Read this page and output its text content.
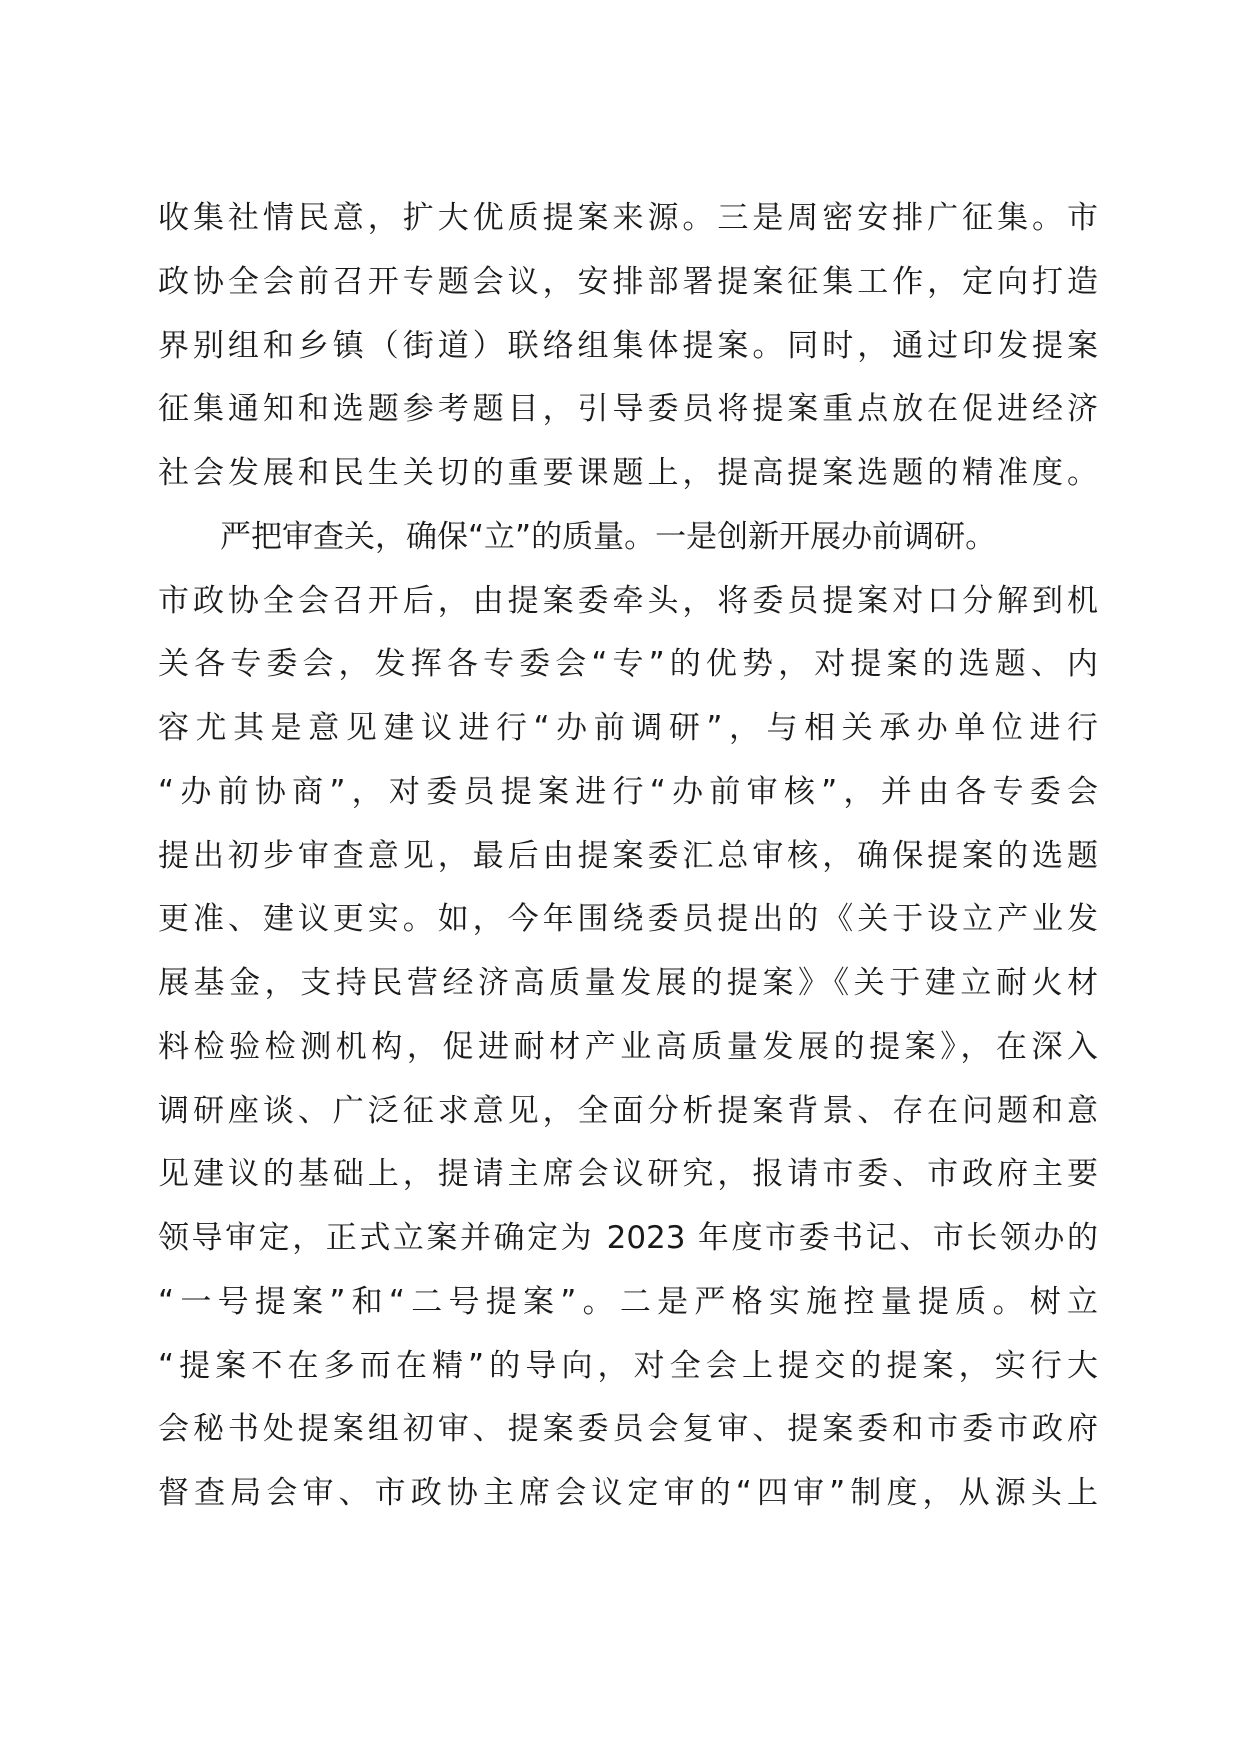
收集社情民意，扩大优质提案来源。三是周密安排广征集。市
政协全会前召开专题会议，安排部署提案征集工作，定向打造
界别组和乡镇（街道）联络组集体提案。同时，通过印发提案
征集通知和选题参考题目，引导委员将提案重点放在促进经济
社会发展和民生关切的重要课题上，提高提案选题的精准度。
严把审查关，确保“立”的质量。一是创新开展办前调研。
市政协全会召开后，由提案委牵头，将委员提案对口分解到机
关各专委会，发挥各专委会“专”的优势，对提案的选题、内
容尤其是意见建议进行“办前调研”，与相关承办单位进行
“办前协商”，对委员提案进行“办前审核”，并由各专委会
提出初步审查意见，最后由提案委汇总审核，确保提案的选题
更准、建议更实。如，今年围绕委员提出的《关于设立产业发
展基金，支持民营经济高质量发展的提案》《关于建立耐火材
料检验检测机构，促进耐材产业高质量发展的提案》，在深入
调研座谈、广泛征求意见，全面分析提案背景、存在问题和意
见建议的基础上，提请主席会议研究，报请市委、市政府主要
领导审定，正式立案并确定为 2023 年度市委书记、市长领办的
“一号提案”和“二号提案”。二是严格实施控量提质。树立
“提案不在多而在精”的导向，对全会上提交的提案，实行大
会秘书处提案组初审、提案委员会复审、提案委和市委市政府
督查局会审、市政协主席会议定审的“四审”制度，从源头上
